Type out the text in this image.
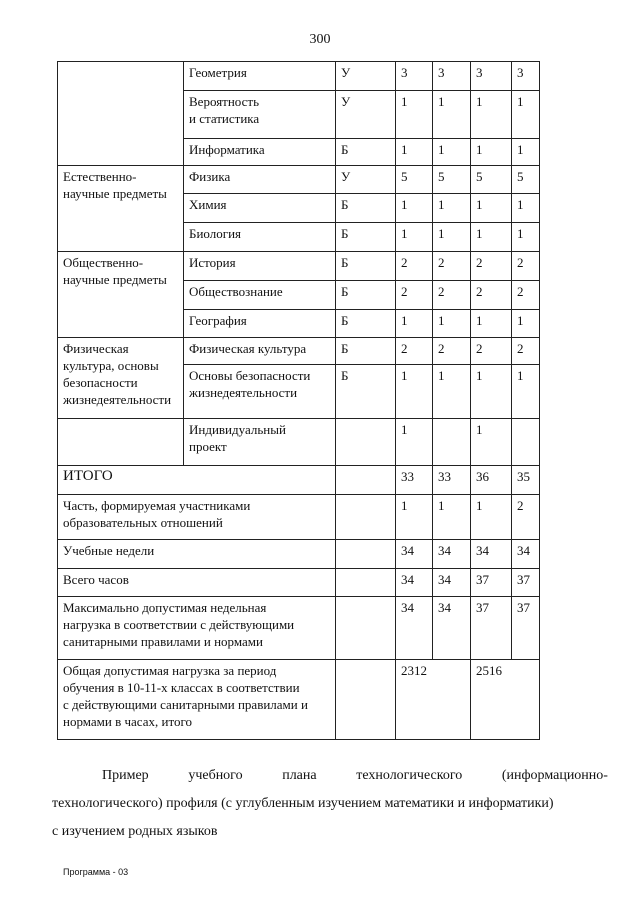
300
	Геометрия	У	3	3	3	3
	Вероятность
и статистика	У	1	1	1	1
	Информатика	Б	1	1	1	1
Естественно-
научные предметы	Физика	У	5	5	5	5
	Химия	Б	1	1	1	1
	Биология	Б	1	1	1	1
Общественно-
научные предметы	История	Б	2	2	2	2
	Обществознание	Б	2	2	2	2
	География	Б	1	1	1	1
Физическая
культура, основы
безопасности
жизнедеятельности	Физическая культура	Б	2	2	2	2
	Основы безопасности
жизнедеятельности	Б	1	1	1	1
	Индивидуальный
проект		1		1	
ИТОГО			33	33	36	35
Часть, формируемая участниками
образовательных отношений			1	1	1	2
Учебные недели			34	34	34	34
Всего часов			34	34	37	37
Максимально допустимая недельная
нагрузка в соответствии с действующими
санитарными правилами и нормами			34	34	37	37
Общая допустимая нагрузка за период
обучения в 10-11-х классах в соответствии
с действующими санитарными правилами и
нормами в часах, итого			2312		2516	
Пример	учебного	плана	технологического	(информационно-
технологического) профиля (с углубленным изучением математики и информатики)
с изучением родных языков
Программа - 03
